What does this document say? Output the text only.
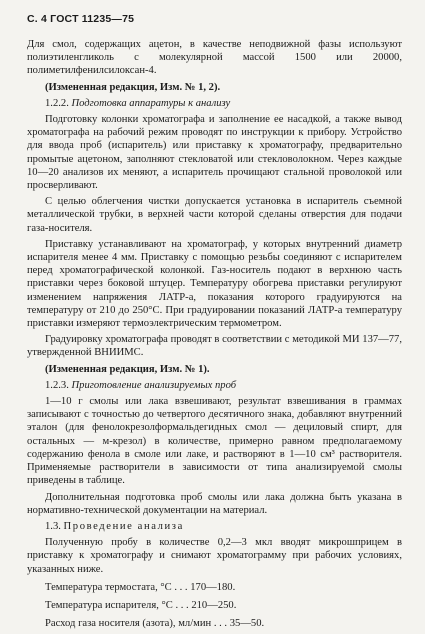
С. 4 ГОСТ 11235—75

Для смол, содержащих ацетон, в качестве неподвижной фазы используют полиэтиленгликоль с молекулярной массой 1500 или 20000, полиметилфенилсилоксан-4.

(Измененная редакция, Изм. № 1, 2).

1.2.2. Подготовка аппаратуры к анализу

Подготовку колонки хроматографа и заполнение ее насадкой, а также вывод хроматографа на рабочий режим проводят по инструкции к прибору. Устройство для ввода проб (испаритель) или приставку к хроматографу, предварительно промытые ацетоном, заполняют стекловатой или стекловолокном. Через каждые 10—20 анализов их меняют, а испаритель прочищают стальной проволокой или просверливают.

С целью облегчения чистки допускается установка в испаритель съемной металлической трубки, в верхней части которой сделаны отверстия для подачи газа-носителя.

Приставку устанавливают на хроматограф, у которых внутренний диаметр испарителя менее 4 мм. Приставку с помощью резьбы соединяют с испарителем перед хроматографической колонкой. Газ-носитель подают в верхнюю часть приставки через боковой штуцер. Температуру обогрева приставки регулируют изменением напряжения ЛАТР-а, показания которого градуируются на температуру от 210 до 250°С. При градуировании показаний ЛАТР-а температуру приставки измеряют термоэлектрическим термометром.

Градуировку хроматографа проводят в соответствии с методикой МИ 137—77, утвержденной ВНИИМС.

(Измененная редакция, Изм. № 1).

1.2.3. Приготовление анализируемых проб

1—10 г смолы или лака взвешивают, результат взвешивания в граммах записывают с точностью до четвертого десятичного знака, добавляют внутренний эталон (для фенолокрезолформальдегидных смол — дециловый спирт, для остальных — м-крезол) в количестве, примерно равном предполагаемому содержанию фенола в смоле или лаке, и растворяют в 1—10 см³ растворителя. Применяемые растворители в зависимости от типа анализируемой смолы приведены в таблице.

Дополнительная подготовка проб смолы или лака должна быть указана в нормативно-технической документации на материал.

1.3. Проведение анализа

Полученную пробу в количестве 0,2—3 мкл вводят микрошприцем в приставку к хроматографу и снимают хроматограмму при рабочих условиях, указанных ниже.

Температура термостата, °С . . . 170—180.
Температура испарителя, °С . . . 210—250.
Расход газа носителя (азота), мл/мин . . . 35—50.
